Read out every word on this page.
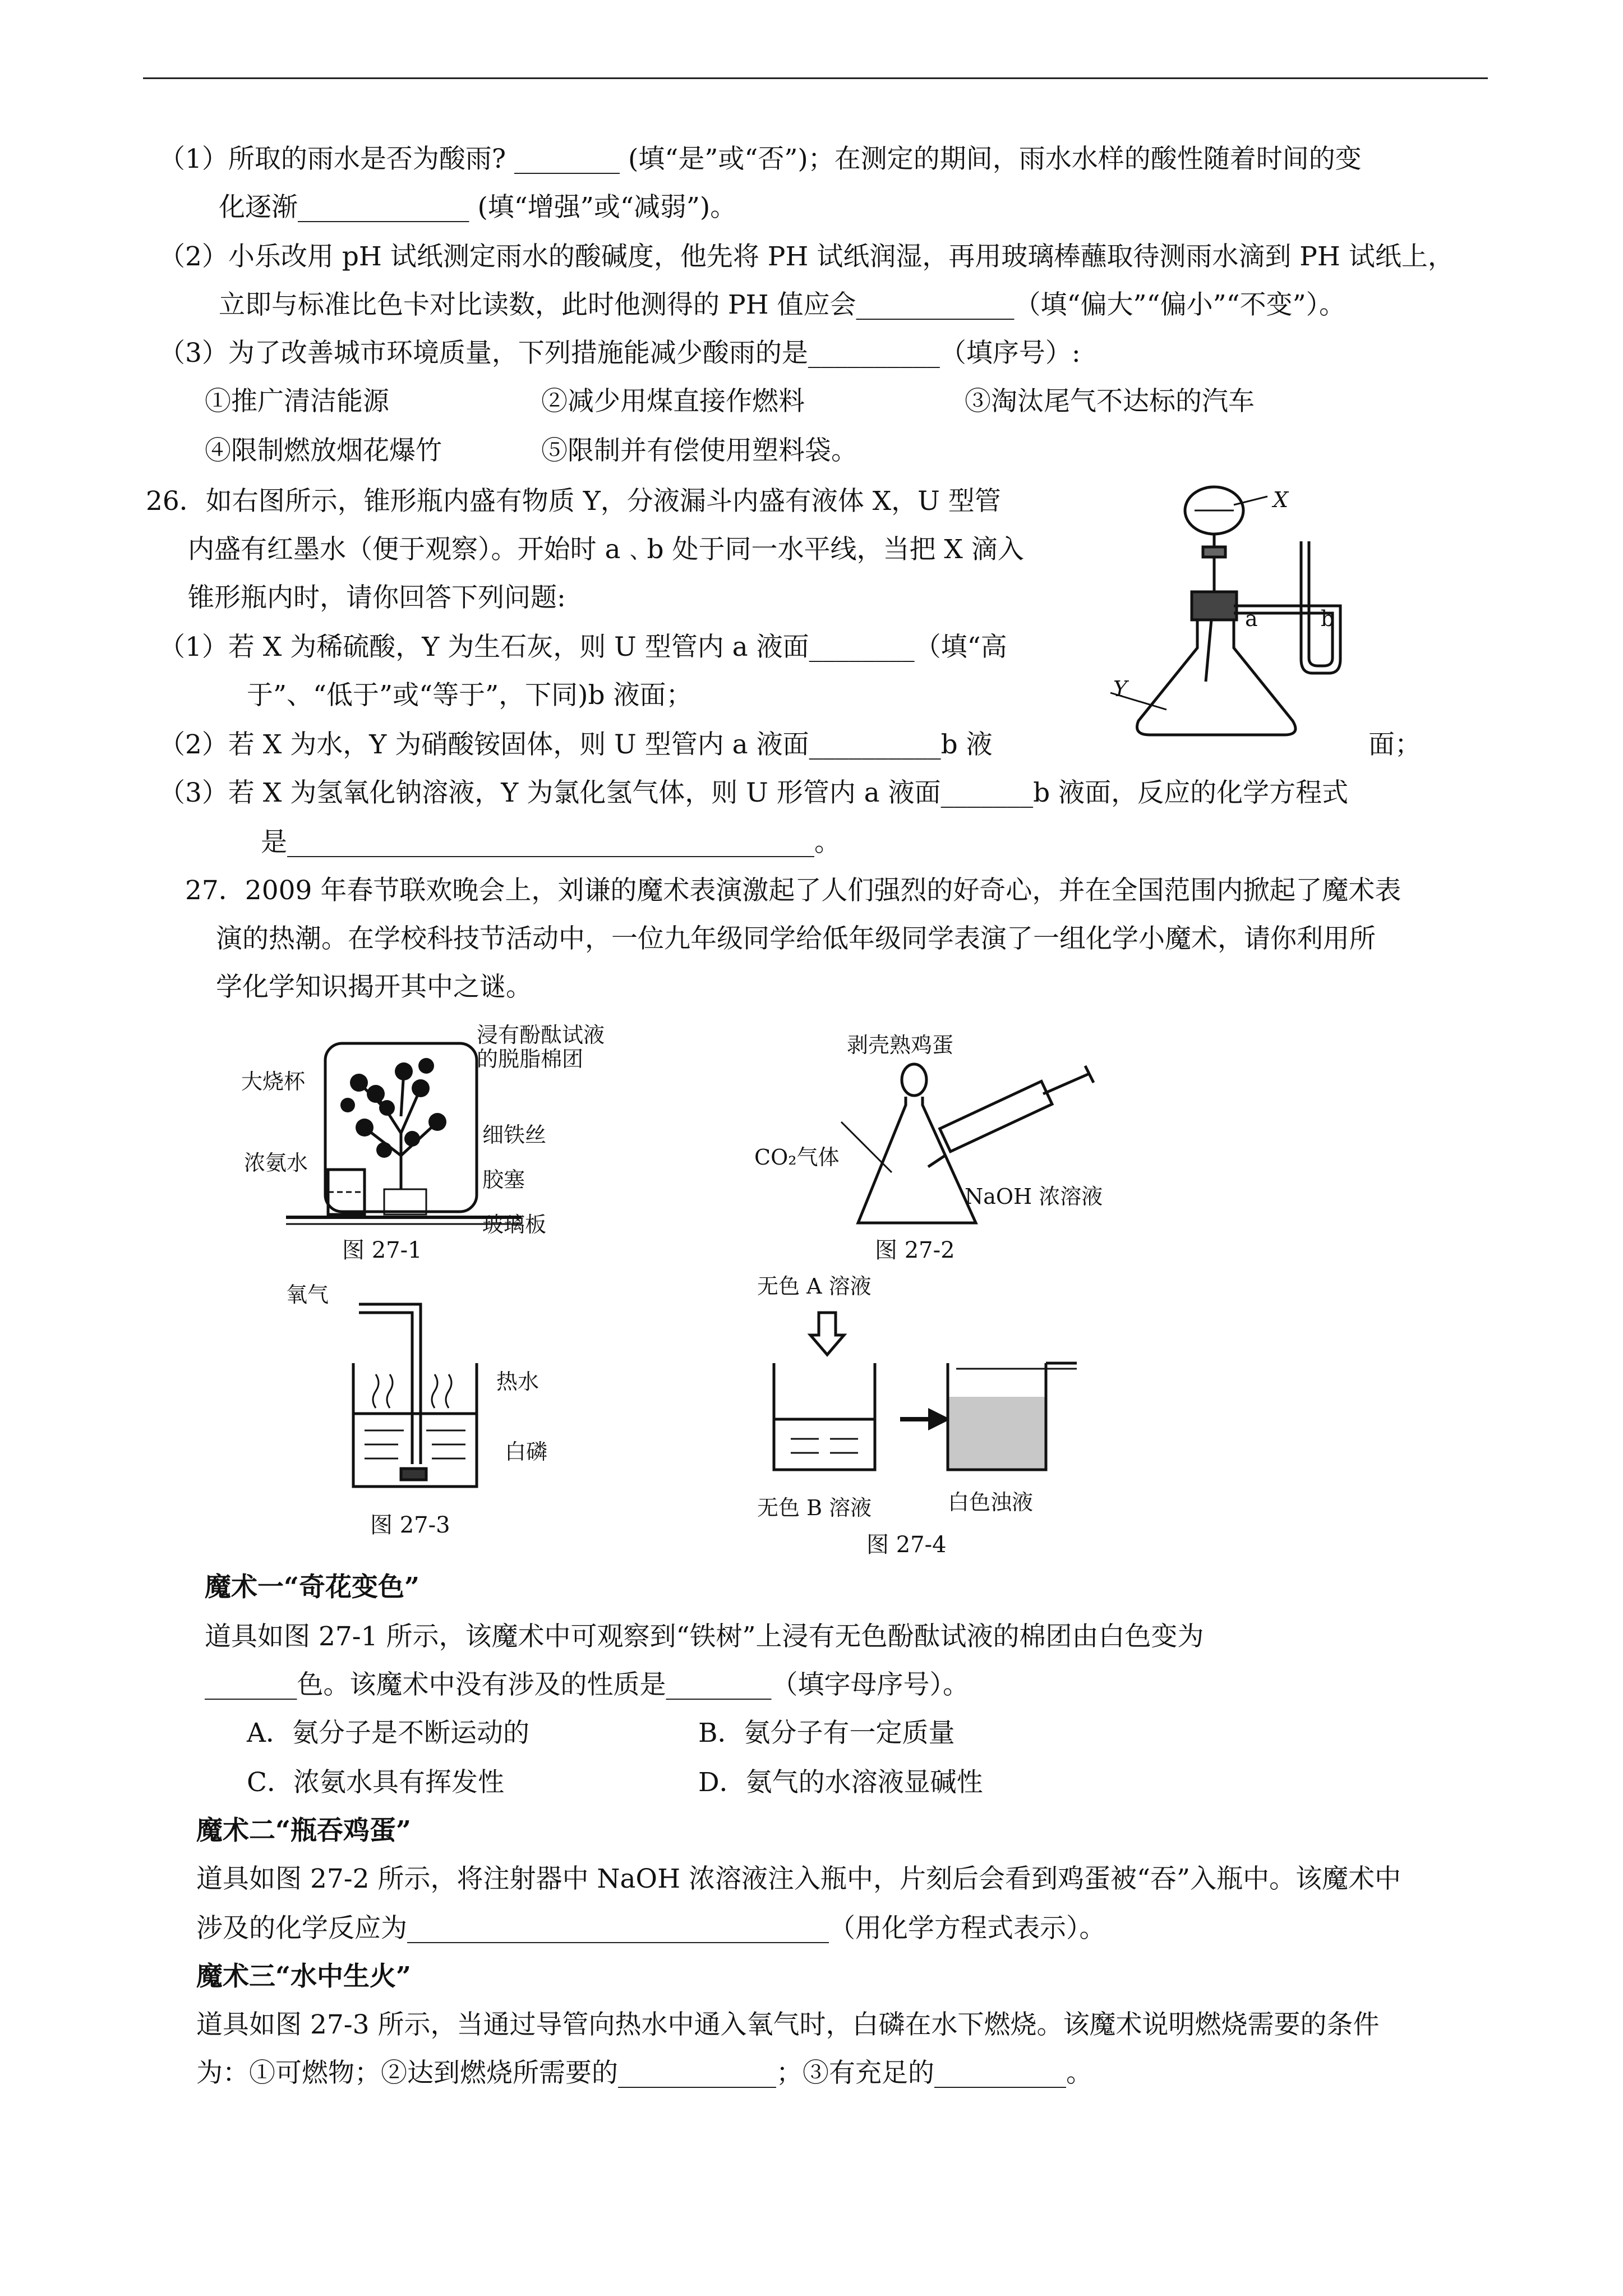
（1）所取的雨水是否为酸雨? ________ (填“是”或“否”)；在测定的期间，雨水水样的酸性随着时间的变
化逐渐_____________ (填“增强”或“减弱”)。
（2）小乐改用 pH 试纸测定雨水的酸碱度，他先将 PH 试纸润湿，再用玻璃棒蘸取待测雨水滴到 PH 试纸上，
立即与标准比色卡对比读数，此时他测得的 PH 值应会____________（填“偏大”“偏小”“不变”）。
（3）为了改善城市环境质量，下列措施能减少酸雨的是__________（填序号）:
①推广清洁能源	②减少用煤直接作燃料	③淘汰尾气不达标的汽车
④限制燃放烟花爆竹	⑤限制并有偿使用塑料袋。
26．如右图所示，锥形瓶内盛有物质 Y，分液漏斗内盛有液体 X，U 型管
内盛有红墨水（便于观察）。开始时 a﹑b 处于同一水平线，当把 X 滴入
锥形瓶内时，请你回答下列问题:
（1）若 X 为稀硫酸，Y 为生石灰，则 U 型管内 a 液面________（填“高
于”、“低于”或“等于”，下同)b 液面；
（2）若 X 为水，Y 为硝酸铵固体，则 U 型管内 a 液面__________b 液	面；
（3）若 X 为氢氧化钠溶液，Y 为氯化氢气体，则 U 形管内 a 液面_______b 液面，反应的化学方程式
是________________________________________。
X
a	b
Y
27．2009 年春节联欢晚会上，刘谦的魔术表演激起了人们强烈的好奇心，并在全国范围内掀起了魔术表
演的热潮。在学校科技节活动中，一位九年级同学给低年级同学表演了一组化学小魔术，请你利用所
学化学知识揭开其中之谜。
浸有酚酞试液
的脱脂棉团
大烧杯
细铁丝
浓氨水
胶塞
玻璃板
图 27-1
剥壳熟鸡蛋
CO₂气体
NaOH 浓溶液
图 27-2
氧气
热水
白磷
图 27-3
无色 A 溶液
无色 B 溶液	白色浊液
图 27-4
魔术一“奇花变色”
道具如图 27-1 所示，该魔术中可观察到“铁树”上浸有无色酚酞试液的棉团由白色变为
_______色。该魔术中没有涉及的性质是________（填字母序号）。
A．氨分子是不断运动的	B．氨分子有一定质量
C．浓氨水具有挥发性	D．氨气的水溶液显碱性
魔术二“瓶吞鸡蛋”
道具如图 27-2 所示，将注射器中 NaOH 浓溶液注入瓶中，片刻后会看到鸡蛋被“吞”入瓶中。该魔术中
涉及的化学反应为________________________________（用化学方程式表示）。
魔术三“水中生火”
道具如图 27-3 所示，当通过导管向热水中通入氧气时，白磷在水下燃烧。该魔术说明燃烧需要的条件
为：①可燃物；②达到燃烧所需要的____________；③有充足的__________。
